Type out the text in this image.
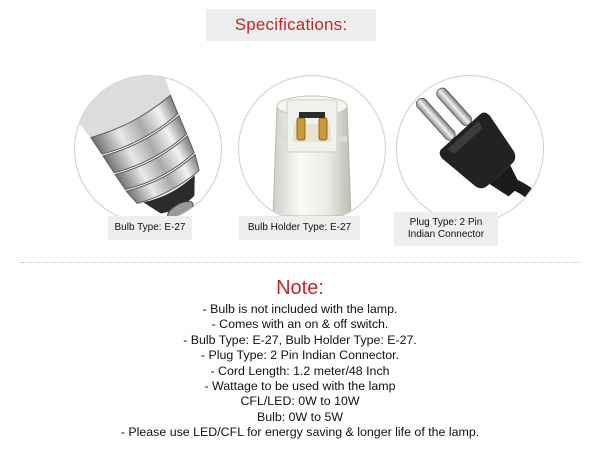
Specifications:
Bulb Type: E-27	Bulb Holder Type: E-27	Plug Type: 2 Pin Indian Connector
Note:
- Bulb is not included with the lamp.
- Comes with an on & off switch.
- Bulb Type: E-27, Bulb Holder Type: E-27.
- Plug Type: 2 Pin Indian Connector.
- Cord Length: 1.2 meter/48 Inch
- Wattage to be used with the lamp
CFL/LED: 0W to 10W
Bulb: 0W to 5W
- Please use LED/CFL for energy saving & longer life of the lamp.
